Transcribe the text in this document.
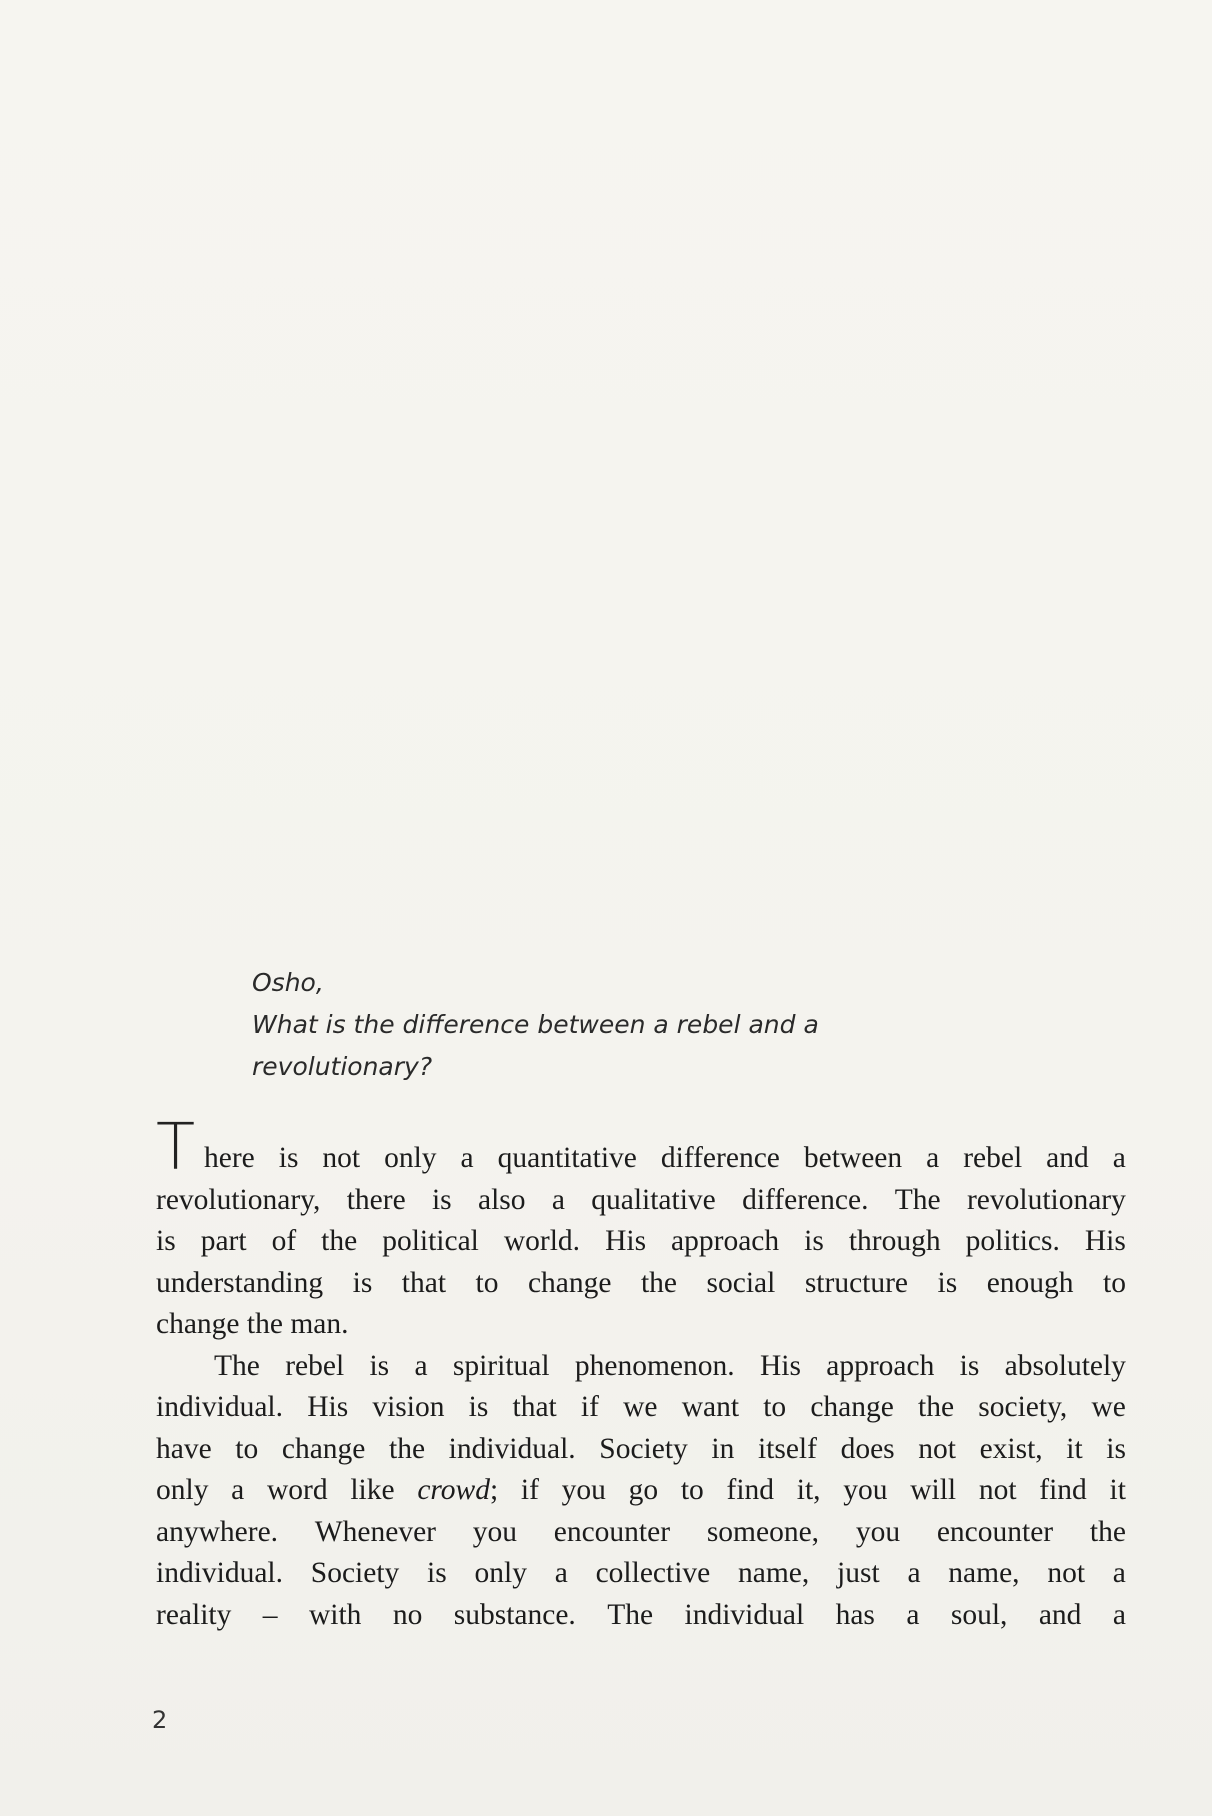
Osho,
What is the difference between a rebel and a
revolutionary?
T here is not only a quantitative difference between a rebel and a
revolutionary, there is also a qualitative difference. The revolutionary
is part of the political world. His approach is through politics. His
understanding is that to change the social structure is enough to
change the man.
The rebel is a spiritual phenomenon. His approach is absolutely
individual. His vision is that if we want to change the society, we
have to change the individual. Society in itself does not exist, it is
only a word like crowd; if you go to find it, you will not find it
anywhere. Whenever you encounter someone, you encounter the
individual. Society is only a collective name, just a name, not a
reality – with no substance. The individual has a soul, and a
2
